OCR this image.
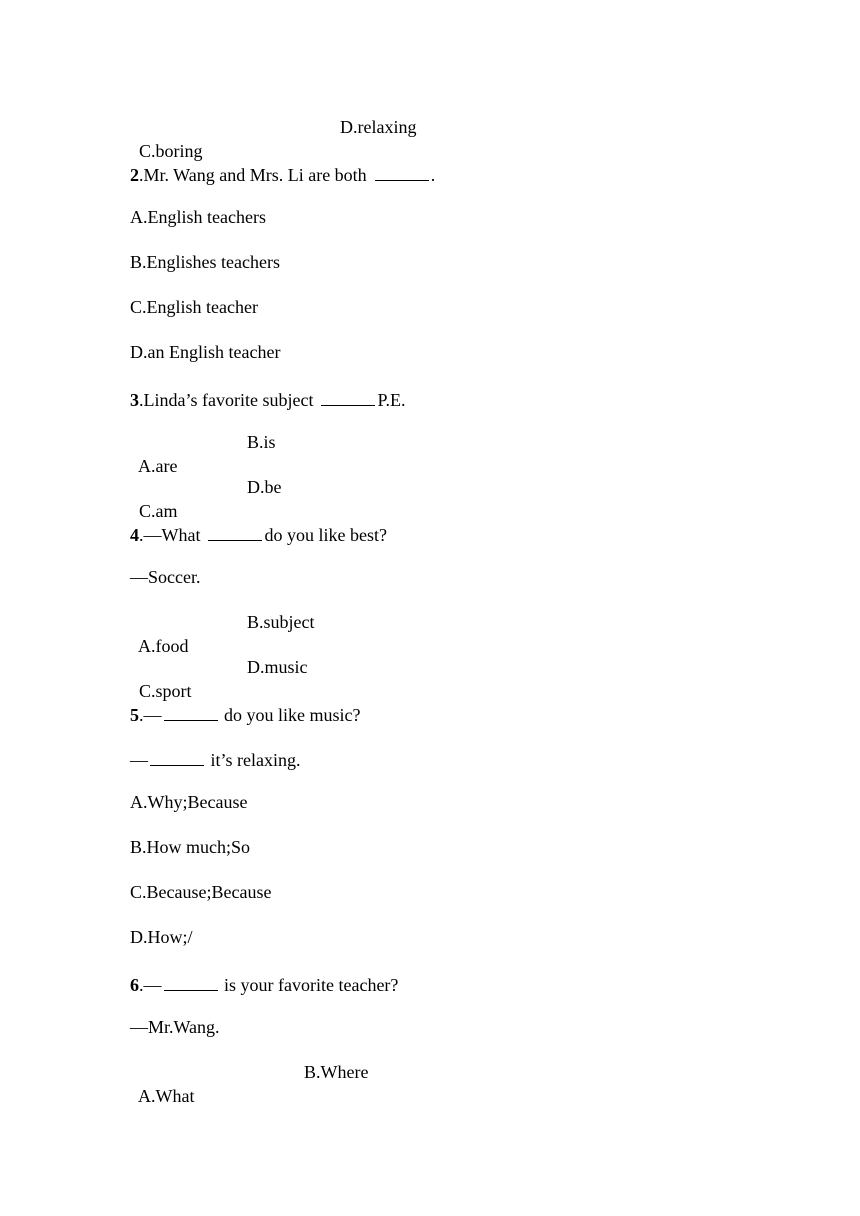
C.boring

D.relaxing

2.Mr. Wang and Mrs. Li are both	.
A.English teachers
B.Englishes teachers
C.English teacher
D.an English teacher
3.Linda’s favorite subject	P.E.

A.are

B.is

C.am

D.be

4.—What	do you like best?
—Soccer.

A.food

B.subject

C.sport

D.music

5.—	do you like music?
—	it’s relaxing.
A.Why;Because
B.How much;So
C.Because;Because
D.How;/
6.—	is your favorite teacher?
—Mr.Wang.

A.What

B.Where
